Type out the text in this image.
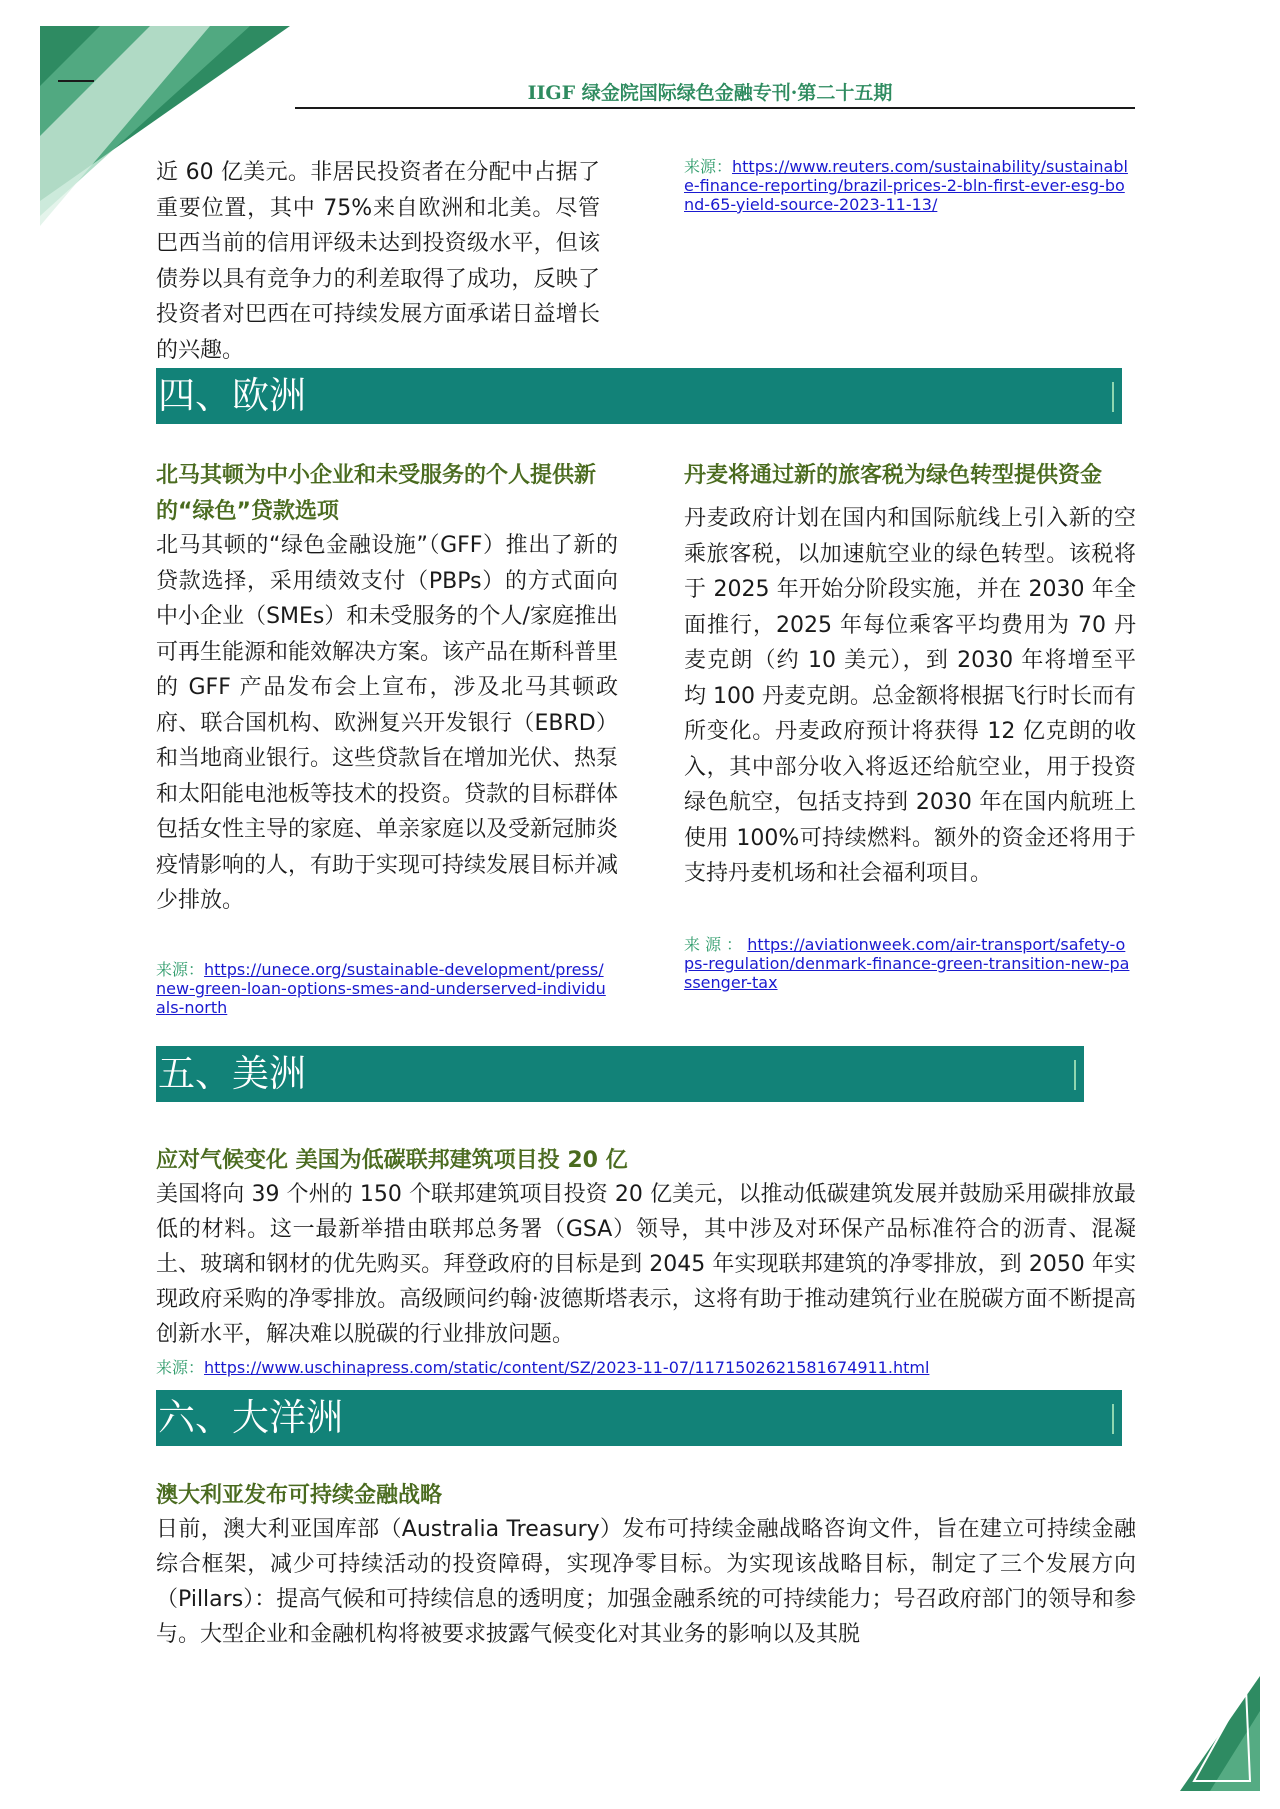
IIGF 绿金院国际绿色金融专刊·第二十五期
近 60 亿美元。非居民投资者在分配中占据了重要位置，其中 75%来自欧洲和北美。尽管巴西当前的信用评级未达到投资级水平，但该债券以具有竞争力的利差取得了成功，反映了投资者对巴西在可持续发展方面承诺日益增长的兴趣。
来源：https://www.reuters.com/sustainability/sustainable-finance-reporting/brazil-prices-2-bln-first-ever-esg-bond-65-yield-source-2023-11-13/
四、欧洲
北马其顿为中小企业和未受服务的个人提供新的“绿色”贷款选项
北马其顿的“绿色金融设施”（GFF）推出了新的贷款选择，采用绩效支付（PBPs）的方式面向中小企业（SMEs）和未受服务的个人/家庭推出可再生能源和能效解决方案。该产品在斯科普里的 GFF 产品发布会上宣布，涉及北马其顿政府、联合国机构、欧洲复兴开发银行（EBRD）和当地商业银行。这些贷款旨在增加光伏、热泵和太阳能电池板等技术的投资。贷款的目标群体包括女性主导的家庭、单亲家庭以及受新冠肺炎疫情影响的人，有助于实现可持续发展目标并减少排放。
来源：https://unece.org/sustainable-development/press/new-green-loan-options-smes-and-underserved-individuals-north
丹麦将通过新的旅客税为绿色转型提供资金
丹麦政府计划在国内和国际航线上引入新的空乘旅客税，以加速航空业的绿色转型。该税将于 2025 年开始分阶段实施，并在 2030 年全面推行，2025 年每位乘客平均费用为 70 丹麦克朗（约 10 美元），到 2030 年将增至平均 100 丹麦克朗。总金额将根据飞行时长而有所变化。丹麦政府预计将获得 12 亿克朗的收入，其中部分收入将返还给航空业，用于投资绿色航空，包括支持到 2030 年在国内航班上使用 100%可持续燃料。额外的资金还将用于支持丹麦机场和社会福利项目。
来 源 ： https://aviationweek.com/air-transport/safety-ops-regulation/denmark-finance-green-transition-new-passenger-tax
五、美洲
应对气候变化 美国为低碳联邦建筑项目投 20 亿
美国将向 39 个州的 150 个联邦建筑项目投资 20 亿美元，以推动低碳建筑发展并鼓励采用碳排放最低的材料。这一最新举措由联邦总务署（GSA）领导，其中涉及对环保产品标准符合的沥青、混凝土、玻璃和钢材的优先购买。拜登政府的目标是到 2045 年实现联邦建筑的净零排放，到 2050 年实现政府采购的净零排放。高级顾问约翰·波德斯塔表示，这将有助于推动建筑行业在脱碳方面不断提高创新水平，解决难以脱碳的行业排放问题。
来源：https://www.uschinapress.com/static/content/SZ/2023-11-07/1171502621581674911.html
六、大洋洲
澳大利亚发布可持续金融战略
日前，澳大利亚国库部（Australia Treasury）发布可持续金融战略咨询文件，旨在建立可持续金融综合框架，减少可持续活动的投资障碍，实现净零目标。为实现该战略目标，制定了三个发展方向（Pillars）：提高气候和可持续信息的透明度；加强金融系统的可持续能力；号召政府部门的领导和参与。大型企业和金融机构将被要求披露气候变化对其业务的影响以及其脱
